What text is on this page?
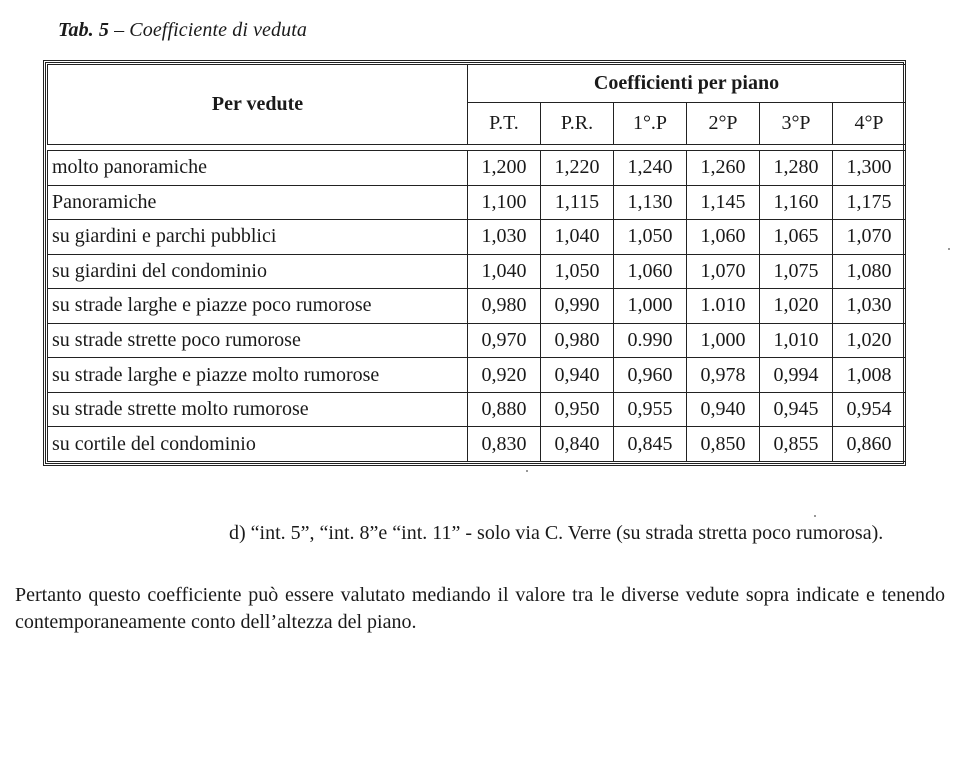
Tab. 5 – Coefficiente di veduta
Per vedute	Coefficienti per piano					
	P.T.	P.R.	1°.P	2°P	3°P	4°P

molto panoramiche	1,200	1,220	1,240	1,260	1,280	1,300
Panoramiche	1,100	1,115	1,130	1,145	1,160	1,175
su giardini e parchi pubblici	1,030	1,040	1,050	1,060	1,065	1,070
su giardini del condominio	1,040	1,050	1,060	1,070	1,075	1,080
su strade larghe e piazze poco rumorose	0,980	0,990	1,000	1.010	1,020	1,030
su strade strette poco rumorose	0,970	0,980	0.990	1,000	1,010	1,020
su strade larghe e piazze molto rumorose	0,920	0,940	0,960	0,978	0,994	1,008
su strade strette molto rumorose	0,880	0,950	0,955	0,940	0,945	0,954
su cortile del condominio	0,830	0,840	0,845	0,850	0,855	0,860
d) “int. 5”, “int. 8”e “int. 11” - solo via C. Verre (su strada stretta poco rumorosa).
Pertanto questo coefficiente può essere valutato mediando il valore tra le diverse vedute sopra indicate e tenendo contemporaneamente conto dell’altezza del piano.
